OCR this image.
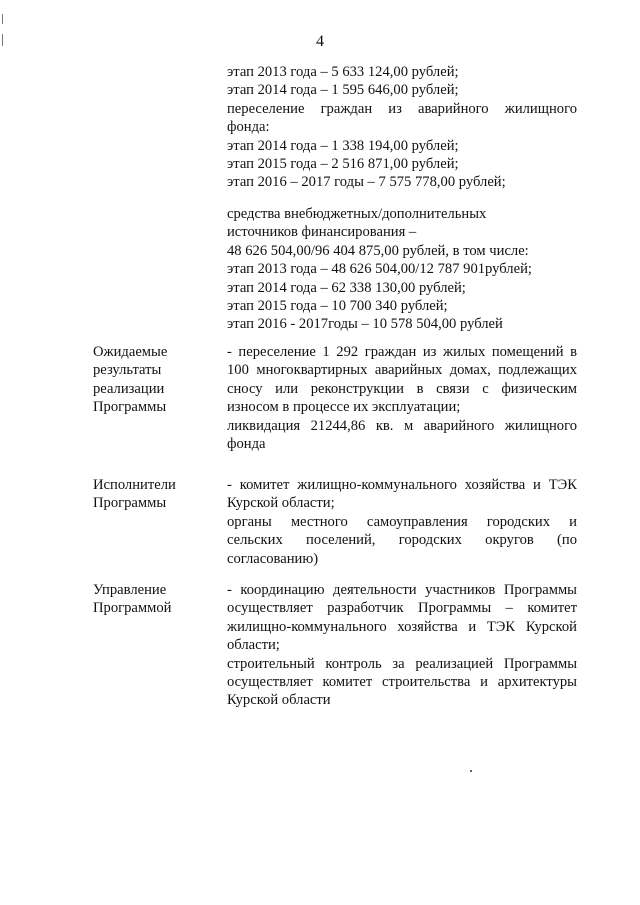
4
этап 2013 года – 5 633 124,00 рублей;
этап 2014 года – 1 595 646,00 рублей;
переселение граждан из аварийного жилищного
фонда:
этап 2014 года – 1 338 194,00 рублей;
этап 2015 года – 2 516 871,00 рублей;
этап 2016 – 2017 годы – 7 575 778,00 рублей;
средства внебюджетных/дополнительных
источников финансирования –
48 626 504,00/96 404 875,00 рублей, в том числе:
этап 2013 года – 48 626 504,00/12 787 901рублей;
этап 2014 года – 62 338 130,00 рублей;
этап 2015 года – 10 700 340 рублей;
этап 2016 - 2017годы – 10 578 504,00 рублей
Ожидаемые
результаты
реализации
Программы
- переселение 1 292 граждан из жилых помещений в
100 многоквартирных аварийных домах, подлежащих
сносу или реконструкции в связи с физическим
износом в процессе их эксплуатации;
ликвидация 21244,86 кв. м аварийного жилищного
фонда
Исполнители
Программы
- комитет жилищно-коммунального хозяйства и ТЭК
Курской области;
органы местного самоуправления городских и
сельских поселений, городских округов (по
согласованию)
Управление
Программой
- координацию деятельности участников Программы
осуществляет разработчик Программы – комитет
жилищно-коммунального хозяйства и ТЭК Курской
области;
строительный контроль за реализацией Программы
осуществляет комитет строительства и архитектуры
Курской области
